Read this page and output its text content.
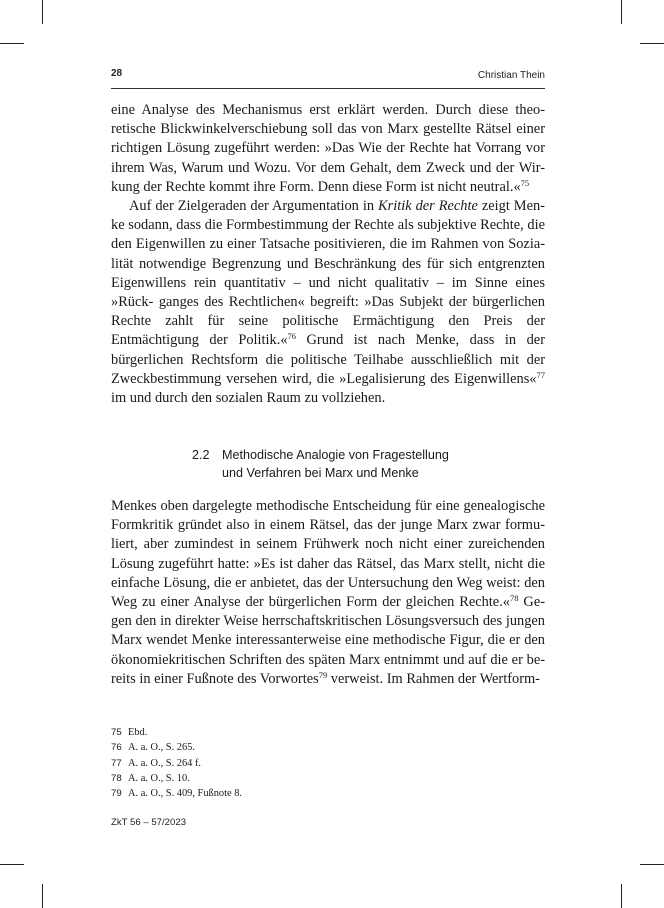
28	Christian Thein

eine Analyse des Mechanismus erst erklärt werden. Durch diese theo- retische Blickwinkelverschiebung soll das von Marx gestellte Rätsel einer richtigen Lösung zugeführt werden: »Das Wie der Rechte hat Vorrang vor ihrem Was, Warum und Wozu. Vor dem Gehalt, dem Zweck und der Wir- kung der Rechte kommt ihre Form. Denn diese Form ist nicht neutral.«$^{75}$

Auf der Zielgeraden der Argumentation in Kritik der Rechte zeigt Men- ke sodann, dass die Formbestimmung der Rechte als subjektive Rechte, die den Eigenwillen zu einer Tatsache positivieren, die im Rahmen von Sozia- lität notwendige Begrenzung und Beschränkung des für sich entgrenzten Eigenwillens rein quantitativ – und nicht qualitativ – im Sinne eines »Rück- ganges des Rechtlichen« begreift: »Das Subjekt der bürgerlichen Rechte zahlt für seine politische Ermächtigung den Preis der Entmächtigung der Politik.«$^{76}$ Grund ist nach Menke, dass in der bürgerlichen Rechtsform die politische Teilhabe ausschließlich mit der Zweckbestimmung versehen wird, die »Legalisierung des Eigenwillens«$^{77}$ im und durch den sozialen Raum zu vollziehen.

2.2 Methodische Analogie von Fragestellung
und Verfahren bei Marx und Menke

Menkes oben dargelegte methodische Entscheidung für eine genealogische Formkritik gründet also in einem Rätsel, das der junge Marx zwar formu- liert, aber zumindest in seinem Frühwerk noch nicht einer zureichenden Lösung zugeführt hatte: »Es ist daher das Rätsel, das Marx stellt, nicht die einfache Lösung, die er anbietet, das der Untersuchung den Weg weist: den Weg zu einer Analyse der bürgerlichen Form der gleichen Rechte.«$^{78}$ Ge- gen den in direkter Weise herrschaftskritischen Lösungsversuch des jungen Marx wendet Menke interessanterweise eine methodische Figur, die er den ökonomiekritischen Schriften des späten Marx entnimmt und auf die er be- reits in einer Fußnote des Vorwortes$^{79}$ verweist. Im Rahmen der Wertform-

75 Ebd.
76 A. a. O., S. 265.
77 A. a. O., S. 264 f.
78 A. a. O., S. 10.
79 A. a. O., S. 409, Fußnote 8.
ZkT 56 – 57/2023
